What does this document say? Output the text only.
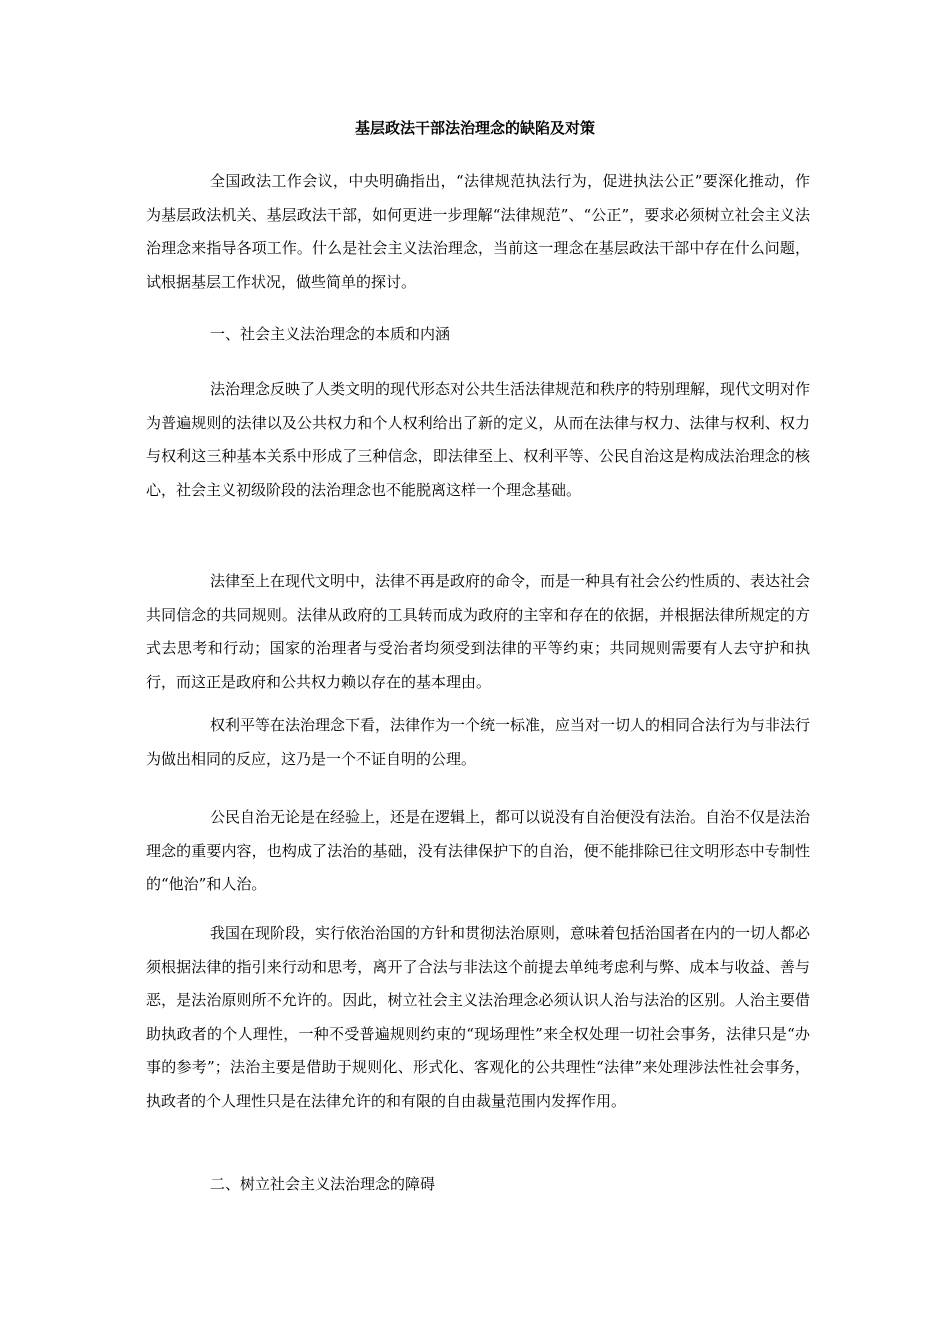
基层政法干部法治理念的缺陷及对策
全国政法工作会议，中央明确指出，“法律规范执法行为，促进执法公正”要深化推动，作为基层政法机关、基层政法干部，如何更进一步理解“法律规范”、“公正”，要求必须树立社会主义法治理念来指导各项工作。什么是社会主义法治理念，当前这一理念在基层政法干部中存在什么问题，试根据基层工作状况，做些简单的探讨。
一、社会主义法治理念的本质和内涵
法治理念反映了人类文明的现代形态对公共生活法律规范和秩序的特别理解，现代文明对作为普遍规则的法律以及公共权力和个人权利给出了新的定义，从而在法律与权力、法律与权利、权力与权利这三种基本关系中形成了三种信念，即法律至上、权利平等、公民自治这是构成法治理念的核心，社会主义初级阶段的法治理念也不能脱离这样一个理念基础。
法律至上在现代文明中，法律不再是政府的命令，而是一种具有社会公约性质的、表达社会共同信念的共同规则。法律从政府的工具转而成为政府的主宰和存在的依据，并根据法律所规定的方式去思考和行动；国家的治理者与受治者均须受到法律的平等约束；共同规则需要有人去守护和执行，而这正是政府和公共权力赖以存在的基本理由。
权利平等在法治理念下看，法律作为一个统一标准，应当对一切人的相同合法行为与非法行为做出相同的反应，这乃是一个不证自明的公理。
公民自治无论是在经验上，还是在逻辑上，都可以说没有自治便没有法治。自治不仅是法治理念的重要内容，也构成了法治的基础，没有法律保护下的自治，便不能排除已往文明形态中专制性的“他治”和人治。
我国在现阶段，实行依治治国的方针和贯彻法治原则，意味着包括治国者在内的一切人都必须根据法律的指引来行动和思考，离开了合法与非法这个前提去单纯考虑利与弊、成本与收益、善与恶，是法治原则所不允许的。因此，树立社会主义法治理念必须认识人治与法治的区别。人治主要借助执政者的个人理性，一种不受普遍规则约束的“现场理性”来全权处理一切社会事务，法律只是“办事的参考”；法治主要是借助于规则化、形式化、客观化的公共理性“法律”来处理涉法性社会事务，执政者的个人理性只是在法律允许的和有限的自由裁量范围内发挥作用。
二、树立社会主义法治理念的障碍
